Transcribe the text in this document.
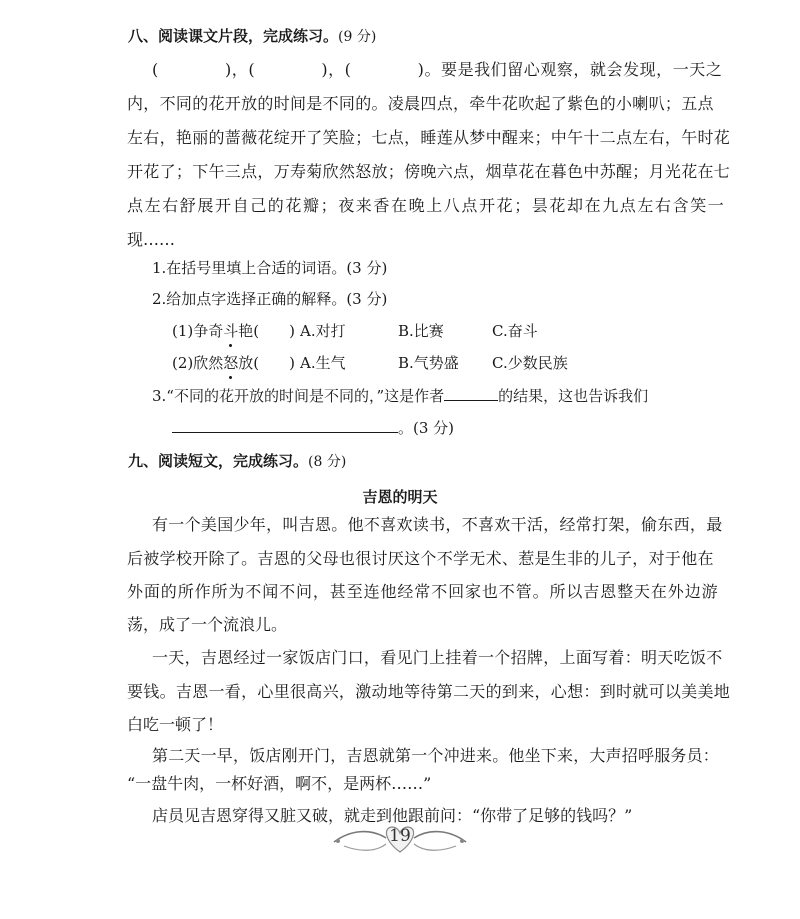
八、阅读课文片段，完成练习。(9 分)
(　　　　)，(　　　　)，(　　　　)。要是我们留心观察，就会发现，一天之
内，不同的花开放的时间是不同的。凌晨四点，牵牛花吹起了紫色的小喇叭；五点
左右，艳丽的蔷薇花绽开了笑脸；七点，睡莲从梦中醒来；中午十二点左右，午时花
开花了；下午三点，万寿菊欣然怒放；傍晚六点，烟草花在暮色中苏醒；月光花在七
点左右舒展开自己的花瓣；夜来香在晚上八点开花；昙花却在九点左右含笑一
现……
1.在括号里填上合适的词语。(3 分)
2.给加点字选择正确的解释。(3 分)
(1)争奇斗艳(　　) A.对打	B.比赛	C.奋斗
(2)欣然怒放(　　) A.生气	B.气势盛 C.少数民族
3.“不同的花开放的时间是不同的，”这是作者	的结果，这也告诉我们
。(3 分)
九、阅读短文，完成练习。(8 分)
吉恩的明天
有一个美国少年，叫吉恩。他不喜欢读书，不喜欢干活，经常打架，偷东西，最
后被学校开除了。吉恩的父母也很讨厌这个不学无术、惹是生非的儿子，对于他在
外面的所作所为不闻不问，甚至连他经常不回家也不管。所以吉恩整天在外边游
荡，成了一个流浪儿。
一天，吉恩经过一家饭店门口，看见门上挂着一个招牌，上面写着：明天吃饭不
要钱。吉恩一看，心里很高兴，激动地等待第二天的到来，心想：到时就可以美美地
白吃一顿了！
第二天一早，饭店刚开门，吉恩就第一个冲进来。他坐下来，大声招呼服务员：
“一盘牛肉，一杯好酒，啊不，是两杯……”
店员见吉恩穿得又脏又破，就走到他跟前问：“你带了足够的钱吗？”
19
